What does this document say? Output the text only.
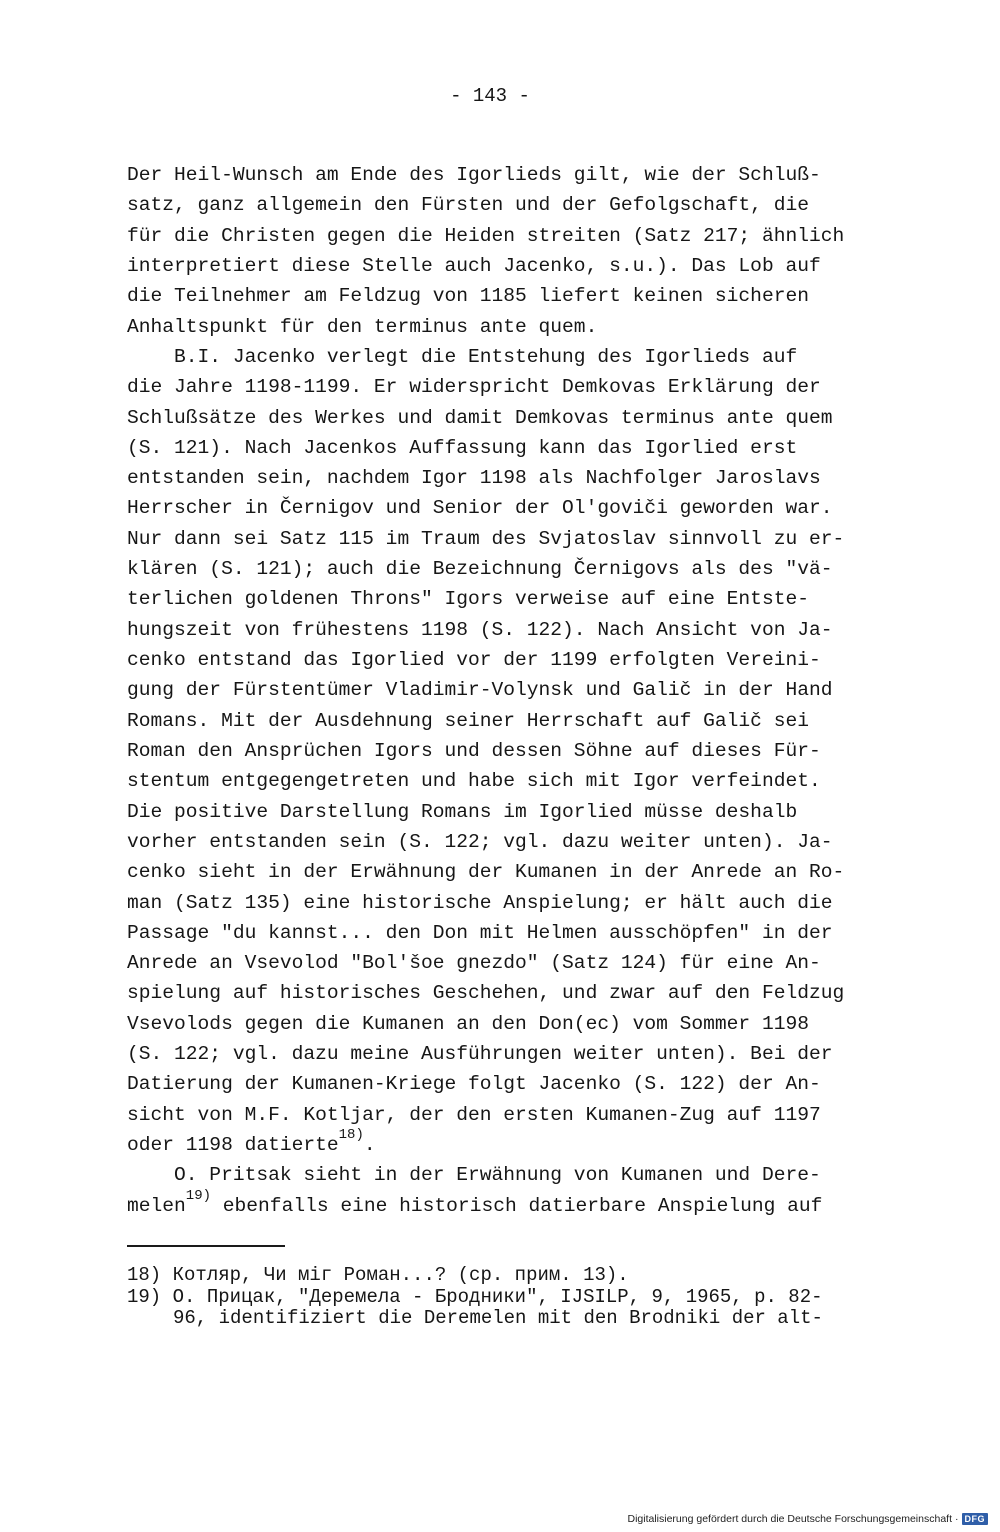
- 143 -
Der Heil-Wunsch am Ende des Igorlieds gilt, wie der Schluß-
satz, ganz allgemein den Fürsten und der Gefolgschaft, die
für die Christen gegen die Heiden streiten (Satz 217; ähnlich
interpretiert diese Stelle auch Jacenko, s.u.). Das Lob auf
die Teilnehmer am Feldzug von 1185 liefert keinen sicheren
Anhaltspunkt für den terminus ante quem.
B.I. Jacenko verlegt die Entstehung des Igorlieds auf
die Jahre 1198-1199. Er widerspricht Demkovas Erklärung der
Schlußsätze des Werkes und damit Demkovas terminus ante quem
(S. 121). Nach Jacenkos Auffassung kann das Igorlied erst
entstanden sein, nachdem Igor 1198 als Nachfolger Jaroslavs
Herrscher in Černigov und Senior der Ol'goviči geworden war.
Nur dann sei Satz 115 im Traum des Svjatoslav sinnvoll zu er-
klären (S. 121); auch die Bezeichnung Černigovs als des "vä-
terlichen goldenen Throns" Igors verweise auf eine Entste-
hungszeit von frühestens 1198 (S. 122). Nach Ansicht von Ja-
cenko entstand das Igorlied vor der 1199 erfolgten Vereini-
gung der Fürstentümer Vladimir-Volynsk und Galič in der Hand
Romans. Mit der Ausdehnung seiner Herrschaft auf Galič sei
Roman den Ansprüchen Igors und dessen Söhne auf dieses Für-
stentum entgegengetreten und habe sich mit Igor verfeindet.
Die positive Darstellung Romans im Igorlied müsse deshalb
vorher entstanden sein (S. 122; vgl. dazu weiter unten). Ja-
cenko sieht in der Erwähnung der Kumanen in der Anrede an Ro-
man (Satz 135) eine historische Anspielung; er hält auch die
Passage "du kannst... den Don mit Helmen ausschöpfen" in der
Anrede an Vsevolod "Bol'šoe gnezdo" (Satz 124) für eine An-
spielung auf historisches Geschehen, und zwar auf den Feldzug
Vsevolods gegen die Kumanen an den Don(ec) vom Sommer 1198
(S. 122; vgl. dazu meine Ausführungen weiter unten). Bei der
Datierung der Kumanen-Kriege folgt Jacenko (S. 122) der An-
sicht von M.F. Kotljar, der den ersten Kumanen-Zug auf 1197
oder 1198 datierte$^{18)}$.
O. Pritsak sieht in der Erwähnung von Kumanen und Dere-
melen$^{19)}$ ebenfalls eine historisch datierbare Anspielung auf
18) Котляр, Чи міг Роман...? (ср. прим. 13).
19) О. Прицак, "Деремела - Бродники", IJSILP, 9, 1965, p. 82-
96, identifiziert die Deremelen mit den Brodniki der alt-
Digitalisierung gefördert durch die Deutsche Forschungsgemeinschaft · DFG
